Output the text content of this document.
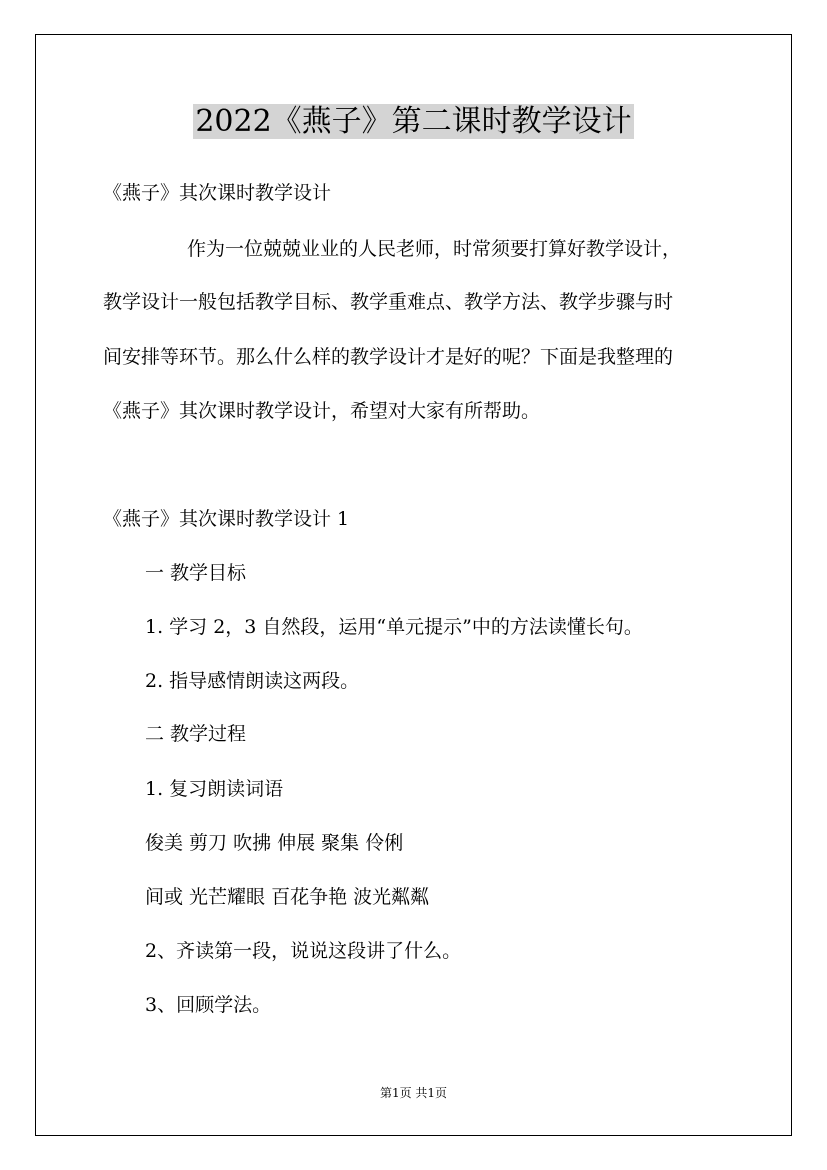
2022《燕子》第二课时教学设计
《燕子》其次课时教学设计
作为一位兢兢业业的人民老师，时常须要打算好教学设计，
教学设计一般包括教学目标、教学重难点、教学方法、教学步骤与时
间安排等环节。那么什么样的教学设计才是好的呢？下面是我整理的
《燕子》其次课时教学设计，希望对大家有所帮助。
《燕子》其次课时教学设计 1
一 教学目标
1. 学习 2，3 自然段，运用“单元提示”中的方法读懂长句。
2. 指导感情朗读这两段。
二 教学过程
1. 复习朗读词语
俊美 剪刀 吹拂 伸展 聚集 伶俐
间或 光芒耀眼 百花争艳 波光粼粼
2、齐读第一段，说说这段讲了什么。
3、回顾学法。
第1页 共1页
